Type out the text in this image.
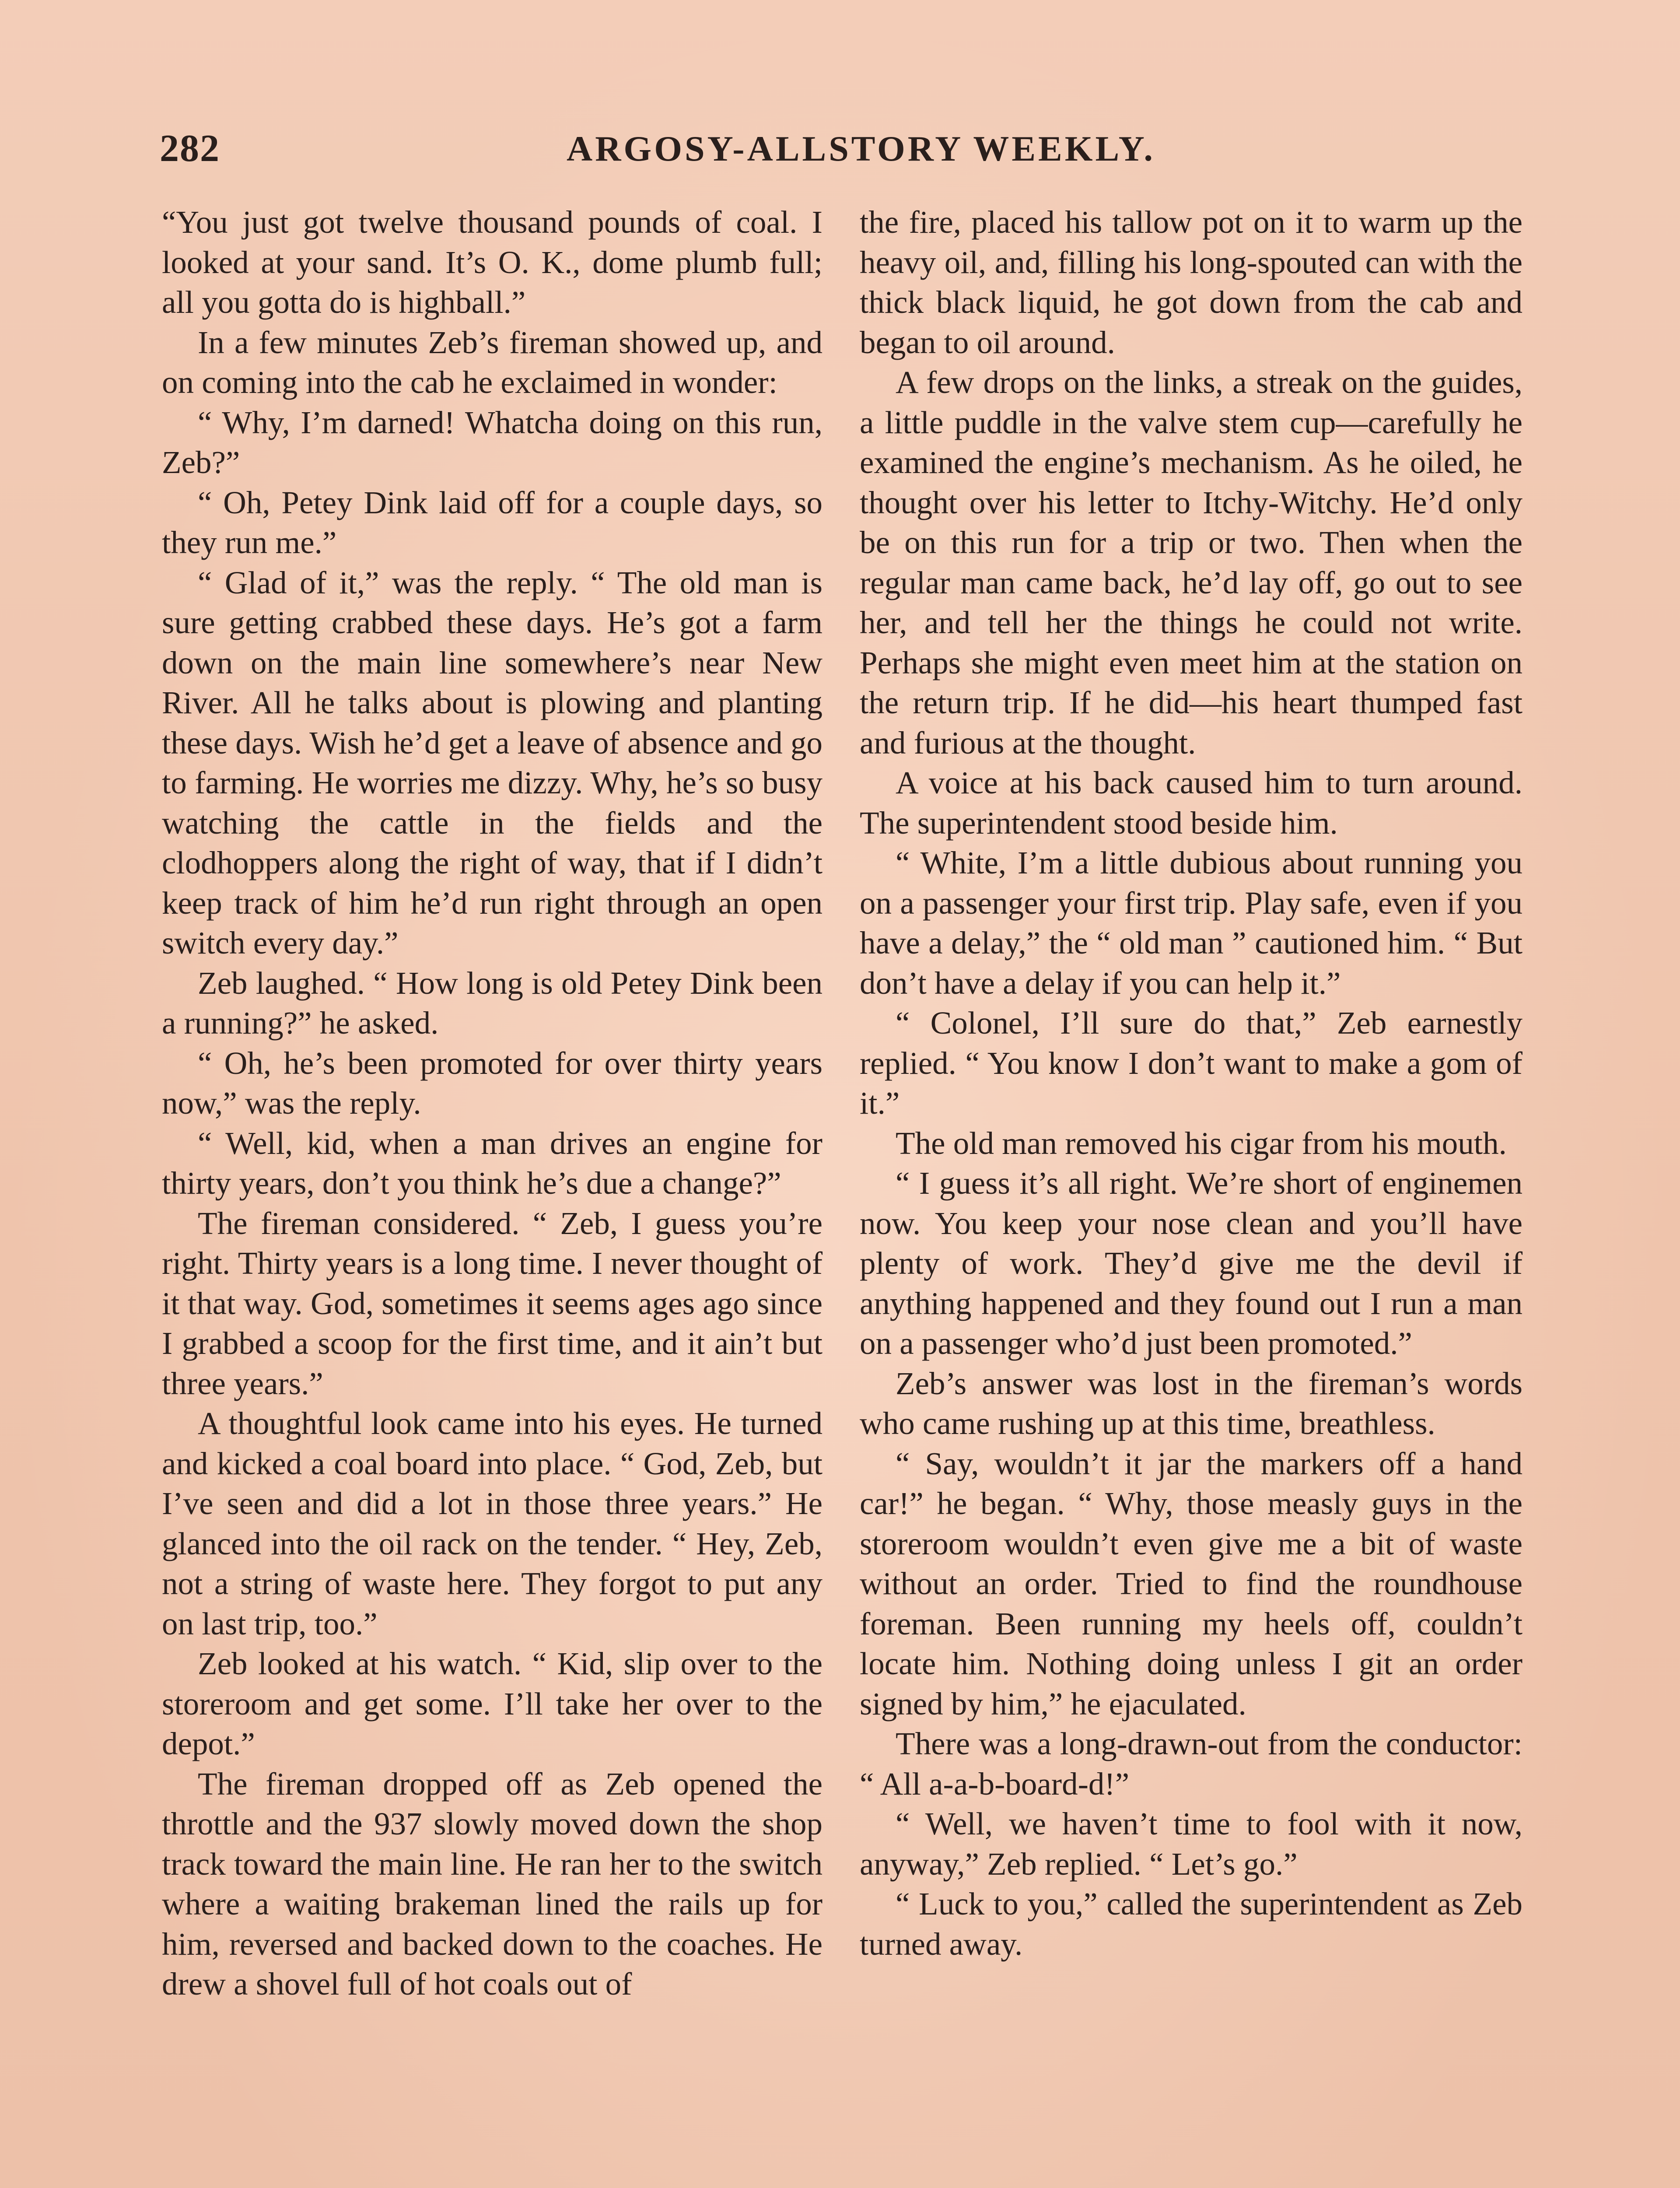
282	ARGOSY-ALLSTORY WEEKLY.

“You just got twelve thousand pounds of coal. I looked at your sand. It’s O. K., dome plumb full; all you gotta do is highball.”

In a few minutes Zeb’s fireman showed up, and on coming into the cab he exclaimed in wonder:

“ Why, I’m darned! Whatcha doing on this run, Zeb?”

“ Oh, Petey Dink laid off for a couple days, so they run me.”

“ Glad of it,” was the reply. “ The old man is sure getting crabbed these days. He’s got a farm down on the main line somewhere’s near New River. All he talks about is plowing and planting these days. Wish he’d get a leave of absence and go to farming. He worries me dizzy. Why, he’s so busy watching the cattle in the fields and the clodhoppers along the right of way, that if I didn’t keep track of him he’d run right through an open switch every day.”

Zeb laughed. “ How long is old Petey Dink been a running?” he asked.

“ Oh, he’s been promoted for over thirty years now,” was the reply.

“ Well, kid, when a man drives an engine for thirty years, don’t you think he’s due a change?”

The fireman considered. “ Zeb, I guess you’re right. Thirty years is a long time. I never thought of it that way. God, sometimes it seems ages ago since I grabbed a scoop for the first time, and it ain’t but three years.”

A thoughtful look came into his eyes. He turned and kicked a coal board into place. “ God, Zeb, but I’ve seen and did a lot in those three years.” He glanced into the oil rack on the tender. “ Hey, Zeb, not a string of waste here. They forgot to put any on last trip, too.”

Zeb looked at his watch. “ Kid, slip over to the storeroom and get some. I’ll take her over to the depot.”

The fireman dropped off as Zeb opened the throttle and the 937 slowly moved down the shop track toward the main line. He ran her to the switch where a waiting brakeman lined the rails up for him, reversed and backed down to the coaches. He drew a shovel full of hot coals out of

the fire, placed his tallow pot on it to warm up the heavy oil, and, filling his long-spouted can with the thick black liquid, he got down from the cab and began to oil around.

A few drops on the links, a streak on the guides, a little puddle in the valve stem cup—carefully he examined the engine’s mechanism. As he oiled, he thought over his letter to Itchy-Witchy. He’d only be on this run for a trip or two. Then when the regular man came back, he’d lay off, go out to see her, and tell her the things he could not write. Perhaps she might even meet him at the station on the return trip. If he did—his heart thumped fast and furious at the thought.

A voice at his back caused him to turn around. The superintendent stood beside him.

“ White, I’m a little dubious about running you on a passenger your first trip. Play safe, even if you have a delay,” the “ old man ” cautioned him. “ But don’t have a delay if you can help it.”

“ Colonel, I’ll sure do that,” Zeb earnestly replied. “ You know I don’t want to make a gom of it.”

The old man removed his cigar from his mouth.

“ I guess it’s all right. We’re short of enginemen now. You keep your nose clean and you’ll have plenty of work. They’d give me the devil if anything happened and they found out I run a man on a passenger who’d just been promoted.”

Zeb’s answer was lost in the fireman’s words who came rushing up at this time, breathless.

“ Say, wouldn’t it jar the markers off a hand car!” he began. “ Why, those measly guys in the storeroom wouldn’t even give me a bit of waste without an order. Tried to find the roundhouse foreman. Been running my heels off, couldn’t locate him. Nothing doing unless I git an order signed by him,” he ejaculated.

There was a long-drawn-out from the conductor: “ All a-a-b-board-d!”

“ Well, we haven’t time to fool with it now, anyway,” Zeb replied. “ Let’s go.”

“ Luck to you,” called the superintendent as Zeb turned away.
